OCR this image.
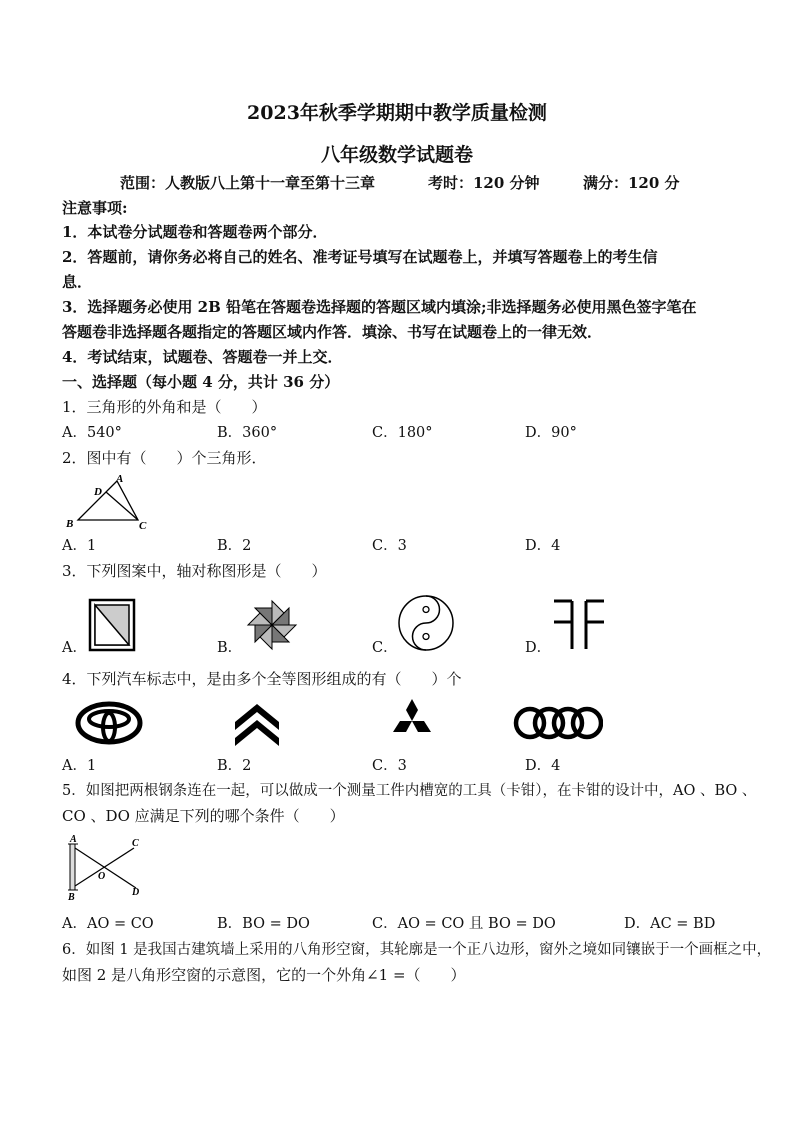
2023年秋季学期期中教学质量检测
八年级数学试题卷
范围：人教版八上第十一章至第十三章	考时：120 分钟	满分：120 分
注意事项:
1．本试卷分试题卷和答题卷两个部分．
2．答题前，请你务必将自己的姓名、准考证号填写在试题卷上，并填写答题卷上的考生信
息．
3．选择题务必使用 2B 铅笔在答题卷选择题的答题区域内填涂;非选择题务必使用黑色签字笔在
答题卷非选择题各题指定的答题区域内作答．填涂、书写在试题卷上的一律无效．
4．考试结束，试题卷、答题卷一并上交．
一、选择题（每小题 4 分，共计 36 分）
1．三角形的外角和是（　　）
A．540°	B．360°	C．180°	D．90°
2．图中有（　　）个三角形．
A
D
B	C
A．1	B．2	C．3	D．4
3．下列图案中，轴对称图形是（　　）
A．	B．	C．	D．
4．下列汽车标志中，是由多个全等图形组成的有（　　）个
A．1	B．2	C．3	D．4
5．如图把两根钢条连在一起，可以做成一个测量工件内槽宽的工具（卡钳），在卡钳的设计中，AO 、BO 、
CO 、DO 应满足下列的哪个条件（　　）
A
B
C
D
O
A．AO = CO	B．BO = DO	C．AO = CO 且 BO = DO	D．AC = BD
6．如图 1 是我国古建筑墙上采用的八角形空窗，其轮廓是一个正八边形，窗外之境如同镶嵌于一个画框之中，
如图 2 是八角形空窗的示意图，它的一个外角∠1 =（　　）
